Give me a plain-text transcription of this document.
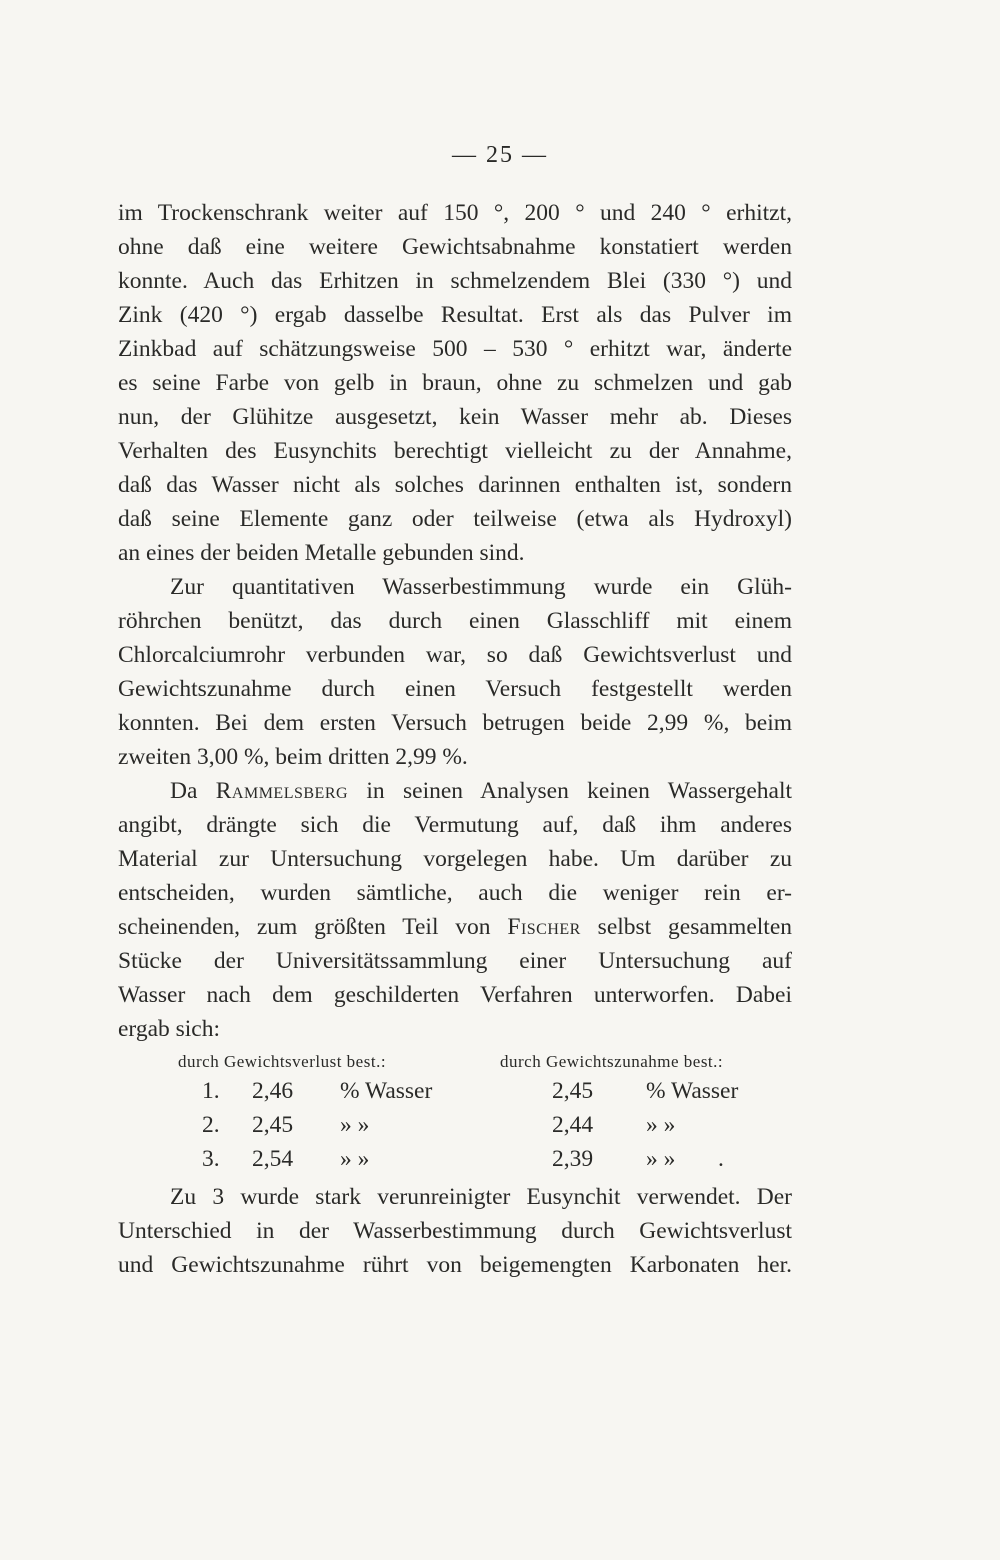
— 25 —
im Trockenschrank weiter auf 150 °, 200 ° und 240 ° erhitzt,
ohne daß eine weitere Gewichtsabnahme konstatiert werden
konnte. Auch das Erhitzen in schmelzendem Blei (330 °) und
Zink (420 °) ergab dasselbe Resultat. Erst als das Pulver im
Zinkbad auf schätzungsweise 500 – 530 ° erhitzt war, änderte
es seine Farbe von gelb in braun, ohne zu schmelzen und gab
nun, der Glühitze ausgesetzt, kein Wasser mehr ab. Dieses
Verhalten des Eusynchits berechtigt vielleicht zu der Annahme,
daß das Wasser nicht als solches darinnen enthalten ist, sondern
daß seine Elemente ganz oder teilweise (etwa als Hydroxyl)
an eines der beiden Metalle gebunden sind.
Zur quantitativen Wasserbestimmung wurde ein Glüh-
röhrchen benützt, das durch einen Glasschliff mit einem
Chlorcalciumrohr verbunden war, so daß Gewichtsverlust und
Gewichtszunahme durch einen Versuch festgestellt werden
konnten. Bei dem ersten Versuch betrugen beide 2,99 %, beim
zweiten 3,00 %, beim dritten 2,99 %.
Da Rammelsberg in seinen Analysen keinen Wassergehalt
angibt, drängte sich die Vermutung auf, daß ihm anderes
Material zur Untersuchung vorgelegen habe. Um darüber zu
entscheiden, wurden sämtliche, auch die weniger rein er-
scheinenden, zum größten Teil von Fischer selbst gesammelten
Stücke der Universitätssammlung einer Untersuchung auf
Wasser nach dem geschilderten Verfahren unterworfen. Dabei
ergab sich:
durch Gewichtsverlust best.:	durch Gewichtszunahme best.:
1. 2,46 % Wasser	2,45 % Wasser
2. 2,45 » »	2,44 » »
3. 2,54 » »	2,39 » » .
Zu 3 wurde stark verunreinigter Eusynchit verwendet. Der
Unterschied in der Wasserbestimmung durch Gewichtsverlust
und Gewichtszunahme rührt von beigemengten Karbonaten her.
